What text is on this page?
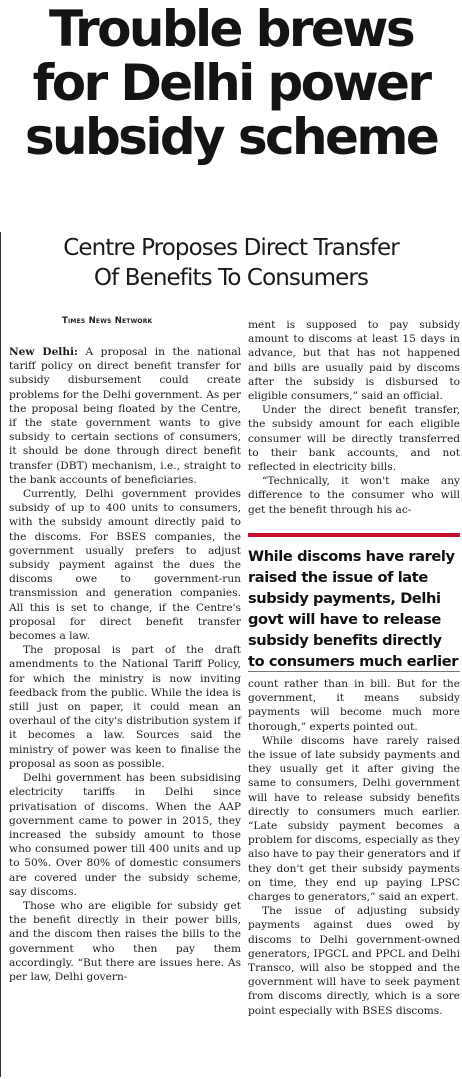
Trouble brews
for Delhi power
subsidy scheme
Centre Proposes Direct Transfer
Of Benefits To Consumers
Times News Network

New Delhi: A proposal in the national tariff policy on direct benefit transfer for subsidy disbursement could create problems for the Delhi government. As per the proposal being floated by the Centre, if the state government wants to give subsidy to certain sections of consumers, it should be done through direct benefit transfer (DBT) mechanism, i.e., straight to the bank accounts of beneficiaries.

Currently, Delhi government provides subsidy of up to 400 units to consumers, with the subsidy amount directly paid to the discoms. For BSES companies, the government usually prefers to adjust subsidy payment against the dues the discoms owe to government-run transmission and generation companies. All this is set to change, if the Centre's proposal for direct benefit transfer becomes a law.

The proposal is part of the draft amendments to the National Tariff Policy, for which the ministry is now inviting feedback from the public. While the idea is still just on paper, it could mean an overhaul of the city's distribution system if it becomes a law. Sources said the ministry of power was keen to finalise the proposal as soon as possible.

Delhi government has been subsidising electricity tariffs in Delhi since privatisation of discoms. When the AAP government came to power in 2015, they increased the subsidy amount to those who consumed power till 400 units and up to 50%. Over 80% of domestic consumers are covered under the subsidy scheme, say discoms.

Those who are eligible for subsidy get the benefit directly in their power bills, and the discom then raises the bills to the government who then pay them accordingly. “But there are issues here. As per law, Delhi govern-

ment is supposed to pay subsidy amount to discoms at least 15 days in advance, but that has not happened and bills are usually paid by discoms after the subsidy is disbursed to eligible consumers,” said an official.

Under the direct benefit transfer, the subsidy amount for each eligible consumer will be directly transferred to their bank accounts, and not reflected in electricity bills.

“Technically, it won't make any difference to the consumer who will get the benefit through his ac-

While discoms have rarely raised the issue of late subsidy payments, Delhi govt will have to release subsidy benefits directly to consumers much earlier

count rather than in bill. But for the government, it means subsidy payments will become much more thorough,” experts pointed out.

While discoms have rarely raised the issue of late subsidy payments and they usually get it after giving the same to consumers, Delhi government will have to release subsidy benefits directly to consumers much earlier. “Late subsidy payment becomes a problem for discoms, especially as they also have to pay their generators and if they don't get their subsidy payments on time, they end up paying LPSC charges to generators,” said an expert.

The issue of adjusting subsidy payments against dues owed by discoms to Delhi government-owned generators, IPGCL and PPCL and Delhi Transco, will also be stopped and the government will have to seek payment from discoms directly, which is a sore point especially with BSES discoms.
